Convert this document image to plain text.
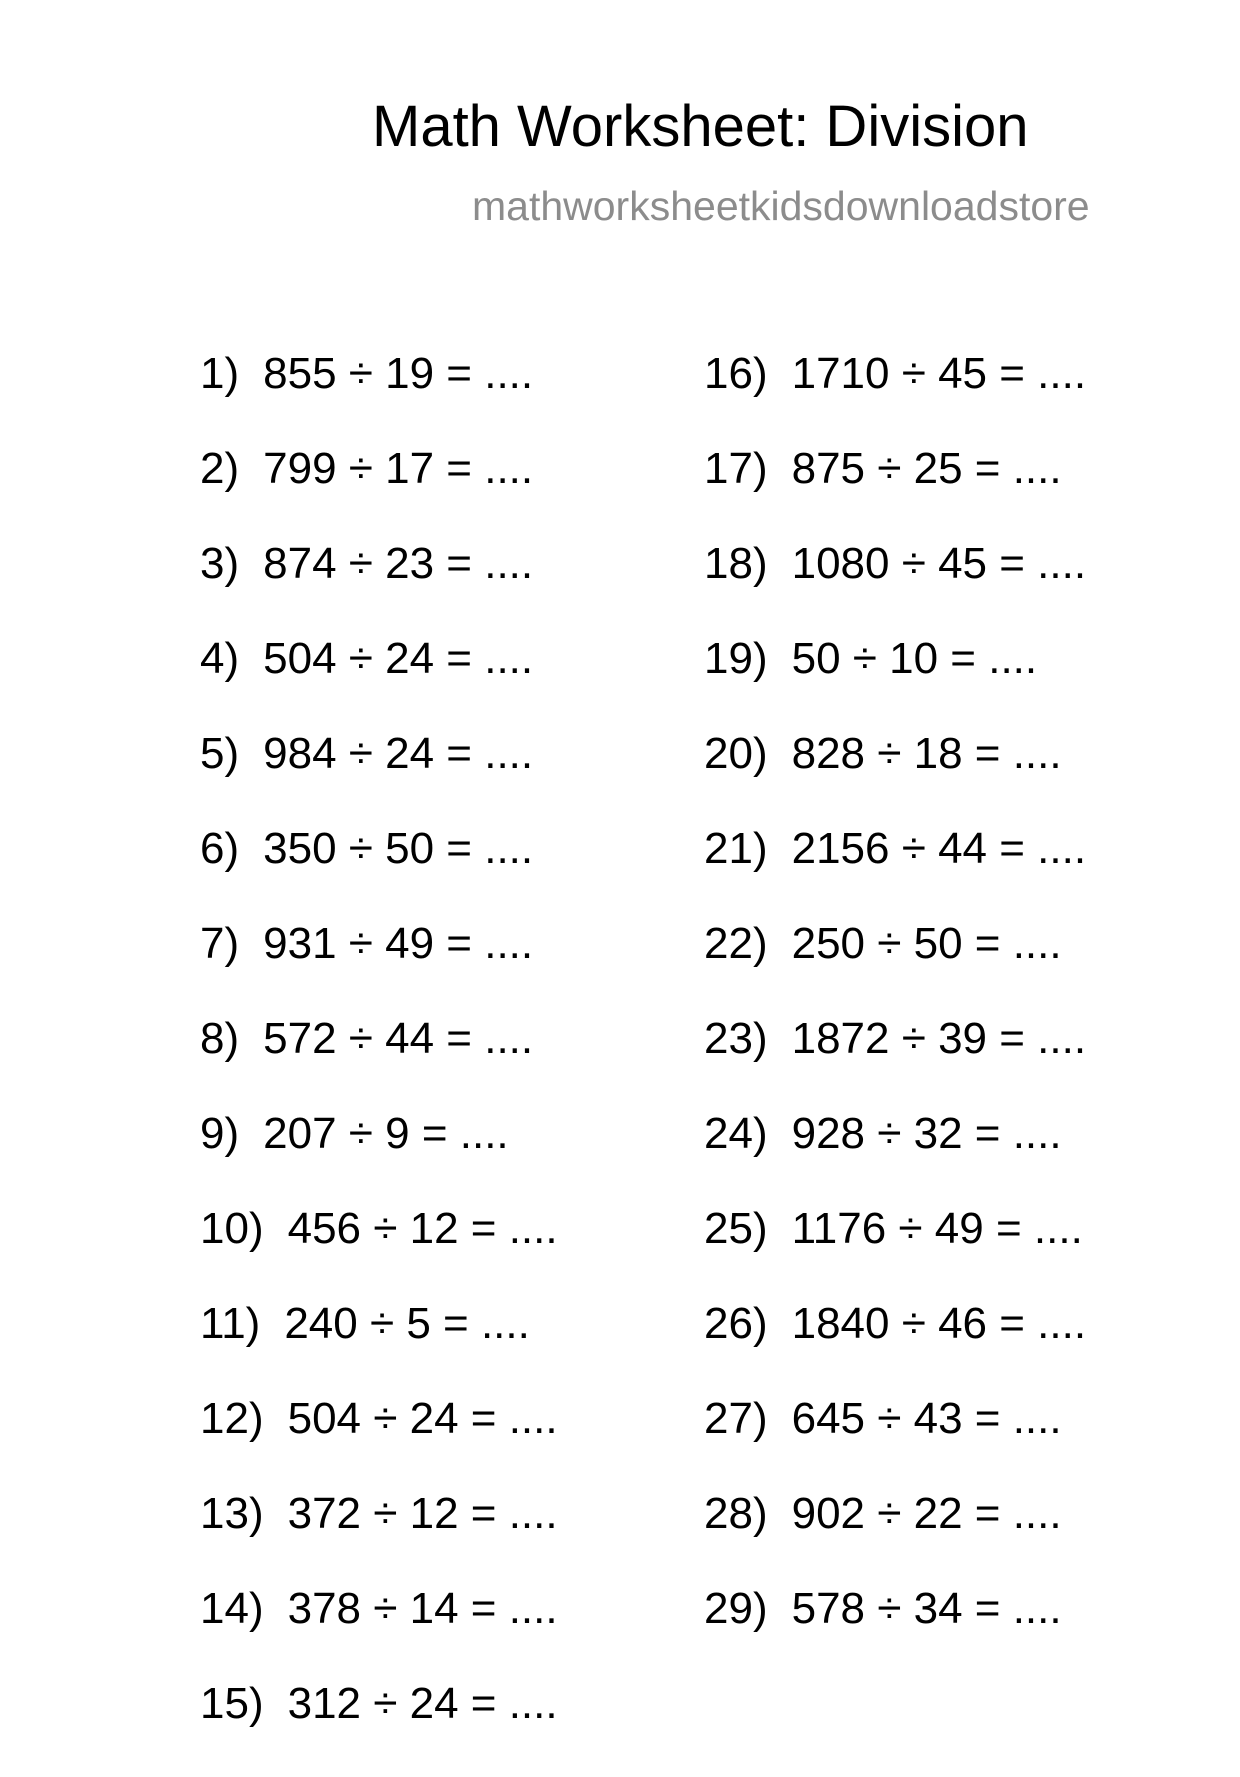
Math Worksheet: Division
mathworksheetkidsdownloadstore
1) 855 ÷ 19 = ....
2) 799 ÷ 17 = ....
3) 874 ÷ 23 = ....
4) 504 ÷ 24 = ....
5) 984 ÷ 24 = ....
6) 350 ÷ 50 = ....
7) 931 ÷ 49 = ....
8) 572 ÷ 44 = ....
9) 207 ÷ 9 = ....
10) 456 ÷ 12 = ....
11) 240 ÷ 5 = ....
12) 504 ÷ 24 = ....
13) 372 ÷ 12 = ....
14) 378 ÷ 14 = ....
15) 312 ÷ 24 = ....
16) 1710 ÷ 45 = ....
17) 875 ÷ 25 = ....
18) 1080 ÷ 45 = ....
19) 50 ÷ 10 = ....
20) 828 ÷ 18 = ....
21) 2156 ÷ 44 = ....
22) 250 ÷ 50 = ....
23) 1872 ÷ 39 = ....
24) 928 ÷ 32 = ....
25) 1176 ÷ 49 = ....
26) 1840 ÷ 46 = ....
27) 645 ÷ 43 = ....
28) 902 ÷ 22 = ....
29) 578 ÷ 34 = ....
